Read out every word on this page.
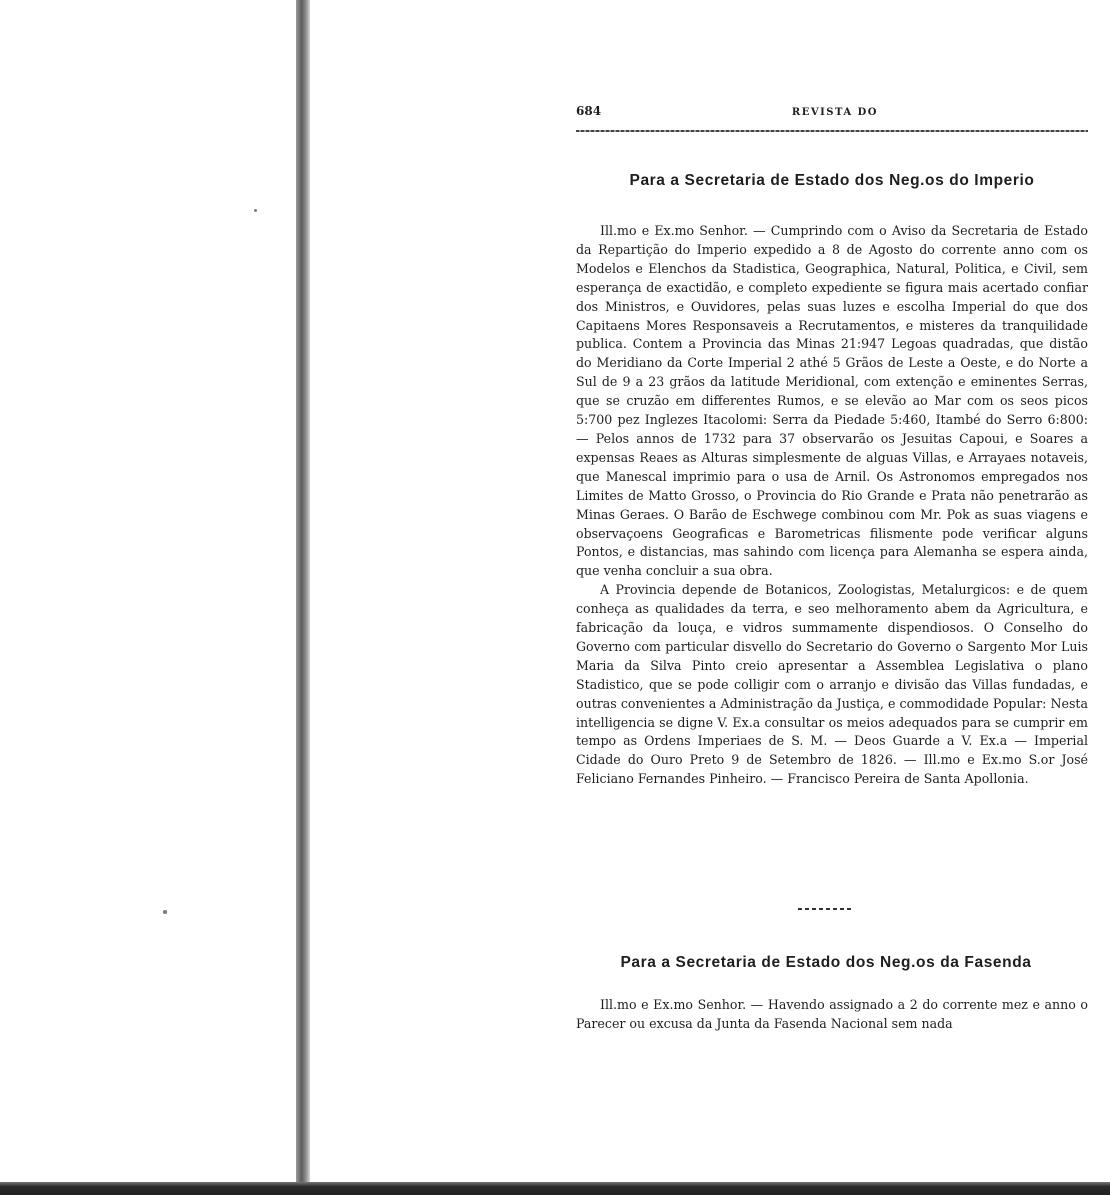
684	REVISTA DO
Para a Secretaria de Estado dos Neg.os do Imperio

Ill.mo e Ex.mo Senhor. — Cumprindo com o Aviso da Secretaria de Estado da Repartição do Imperio expedido a 8 de Agosto do corrente anno com os Modelos e Elenchos da Stadistica, Geographica, Natural, Politica, e Civil, sem esperança de exactidão, e completo expediente se figura mais acertado confiar dos Ministros, e Ouvidores, pelas suas luzes e escolha Imperial do que dos Capitaens Mores Responsaveis a Recrutamentos, e misteres da tranquilidade publica. Contem a Provincia das Minas 21:947 Legoas quadradas, que distão do Meridiano da Corte Imperial 2 athé 5 Grãos de Leste a Oeste, e do Norte a Sul de 9 a 23 grãos da latitude Meridional, com extenção e eminentes Serras, que se cruzão em differentes Rumos, e se elevão ao Mar com os seos picos 5:700 pez Inglezes Itacolomi: Serra da Piedade 5:460, Itambé do Serro 6:800: — Pelos annos de 1732 para 37 observarão os Jesuitas Capoui, e Soares a expensas Reaes as Alturas simplesmente de alguas Villas, e Arrayaes notaveis, que Manescal imprimio para o usa de Arnil. Os Astronomos empregados nos Limites de Matto Grosso, o Provincia do Rio Grande e Prata não penetrarão as Minas Geraes. O Barão de Eschwege combinou com Mr. Pok as suas viagens e observaçoens Geograficas e Barometricas filismente pode verificar alguns Pontos, e distancias, mas sahindo com licença para Alemanha se espera ainda, que venha concluir a sua obra.

A Provincia depende de Botanicos, Zoologistas, Metalurgicos: e de quem conheça as qualidades da terra, e seo melhoramento abem da Agricultura, e fabricação da louça, e vidros summamente dispendiosos. O Conselho do Governo com particular disvello do Secretario do Governo o Sargento Mor Luis Maria da Silva Pinto creio apresentar a Assemblea Legislativa o plano Stadistico, que se pode colligir com o arranjo e divisão das Villas fundadas, e outras convenientes a Administração da Justiça, e commodidade Popular: Nesta intelligencia se digne V. Ex.a consultar os meios adequados para se cumprir em tempo as Ordens Imperiaes de S. M. — Deos Guarde a V. Ex.a — Imperial Cidade do Ouro Preto 9 de Setembro de 1826. — Ill.mo e Ex.mo S.or José Feliciano Fernandes Pinheiro. — Francisco Pereira de Santa Apollonia.

Para a Secretaria de Estado dos Neg.os da Fasenda

Ill.mo e Ex.mo Senhor. — Havendo assignado a 2 do corrente mez e anno o Parecer ou excusa da Junta da Fasenda Nacional sem nada
